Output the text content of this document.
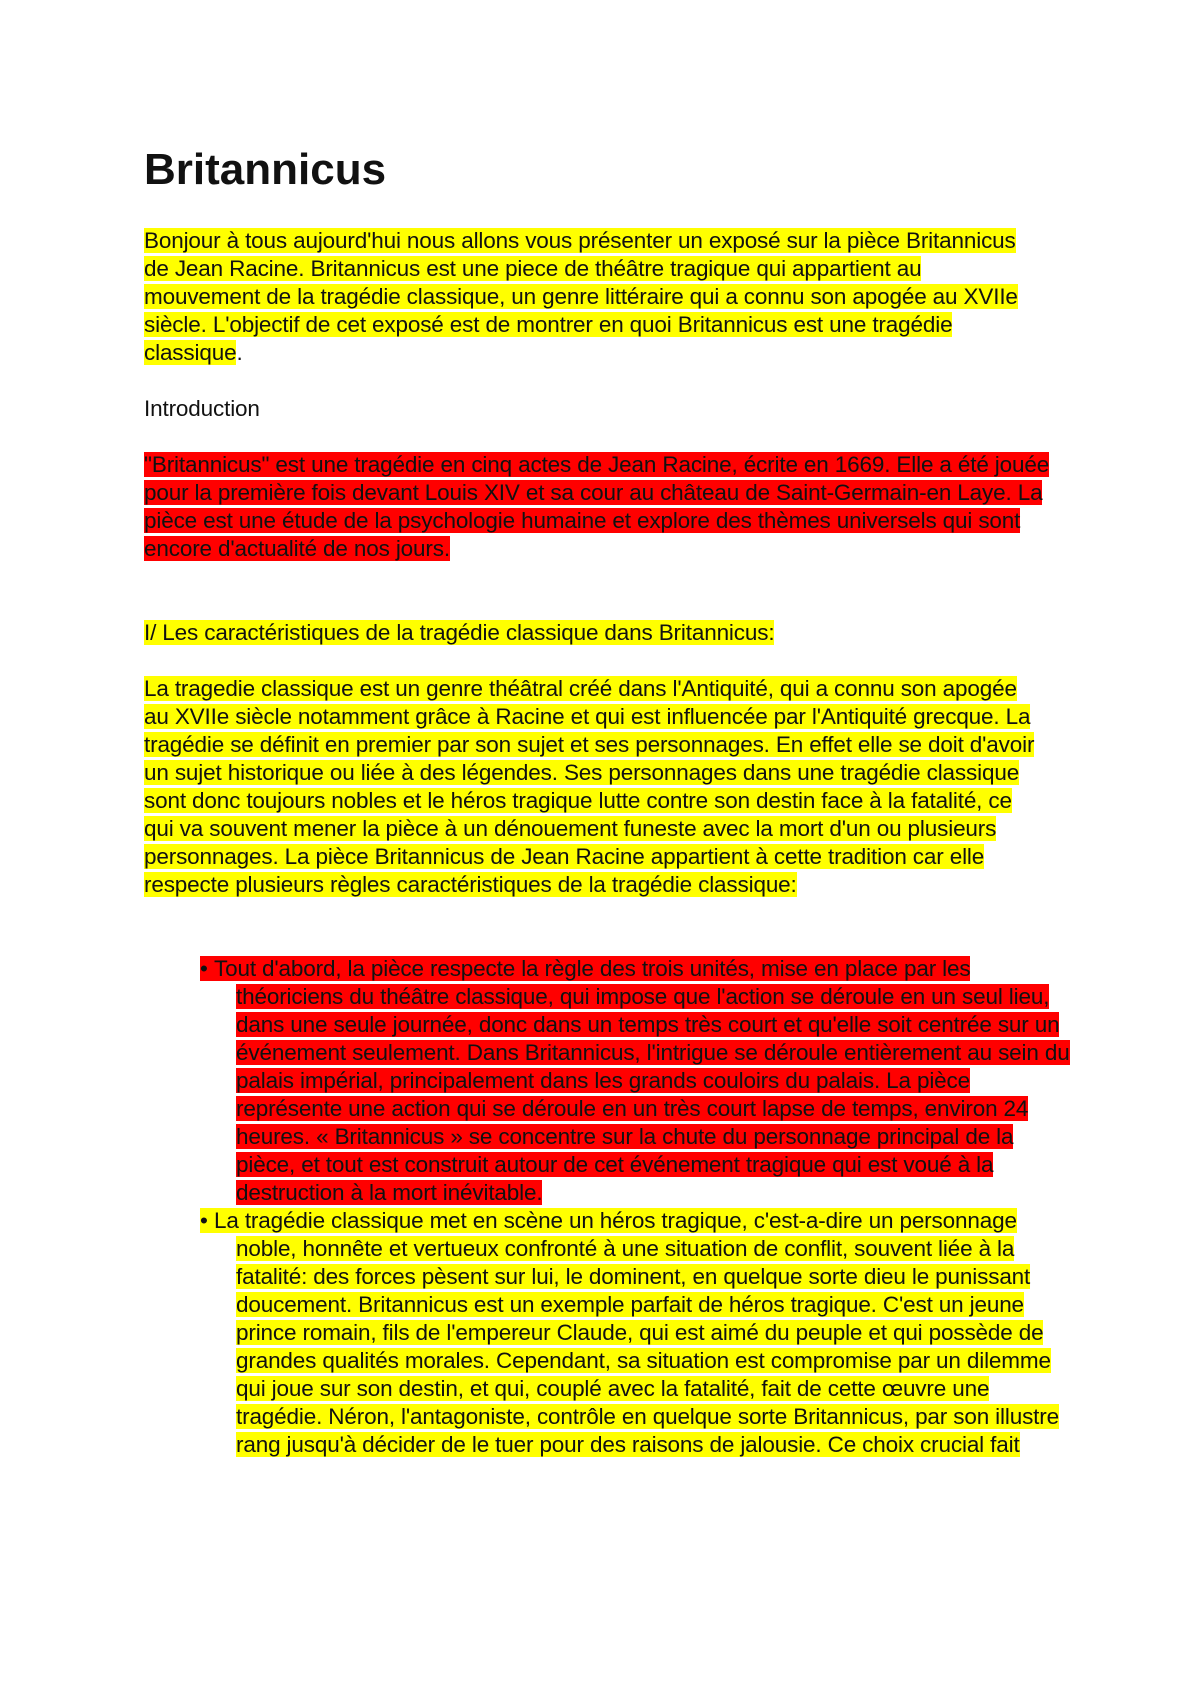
Britannicus

Bonjour à tous aujourd'hui nous allons vous présenter un exposé sur la pièce Britannicus de Jean Racine. Britannicus est une piece de théâtre tragique qui appartient au mouvement de la tragédie classique, un genre littéraire qui a connu son apogée au XVIIe siècle. L'objectif de cet exposé est de montrer en quoi Britannicus est une tragédie classique.

Introduction

"Britannicus" est une tragédie en cinq actes de Jean Racine, écrite en 1669. Elle a été jouée pour la première fois devant Louis XIV et sa cour au château de Saint-Germain-en Laye. La pièce est une étude de la psychologie humaine et explore des thèmes universels qui sont encore d'actualité de nos jours.

I/ Les caractéristiques de la tragédie classique dans Britannicus:

La tragedie classique est un genre théâtral créé dans l'Antiquité, qui a connu son apogée au XVIIe siècle notamment grâce à Racine et qui est influencée par l'Antiquité grecque. La tragédie se définit en premier par son sujet et ses personnages. En effet elle se doit d'avoir un sujet historique ou liée à des légendes. Ses personnages dans une tragédie classique sont donc toujours nobles et le héros tragique lutte contre son destin face à la fatalité, ce qui va souvent mener la pièce à un dénouement funeste avec la mort d'un ou plusieurs personnages. La pièce Britannicus de Jean Racine appartient à cette tradition car elle respecte plusieurs règles caractéristiques de la tragédie classique:

• Tout d'abord, la pièce respecte la règle des trois unités, mise en place par les théoriciens du théâtre classique, qui impose que l'action se déroule en un seul lieu, dans une seule journée, donc dans un temps très court et qu'elle soit centrée sur un événement seulement. Dans Britannicus, l'intrigue se déroule entièrement au sein du palais impérial, principalement dans les grands couloirs du palais. La pièce représente une action qui se déroule en un très court lapse de temps, environ 24 heures. « Britannicus » se concentre sur la chute du personnage principal de la pièce, et tout est construit autour de cet événement tragique qui est voué à la destruction à la mort inévitable.
• La tragédie classique met en scène un héros tragique, c'est-a-dire un personnage noble, honnête et vertueux confronté à une situation de conflit, souvent liée à la fatalité: des forces pèsent sur lui, le dominent, en quelque sorte dieu le punissant doucement. Britannicus est un exemple parfait de héros tragique. C'est un jeune prince romain, fils de l'empereur Claude, qui est aimé du peuple et qui possède de grandes qualités morales. Cependant, sa situation est compromise par un dilemme qui joue sur son destin, et qui, couplé avec la fatalité, fait de cette œuvre une tragédie. Néron, l'antagoniste, contrôle en quelque sorte Britannicus, par son illustre rang jusqu'à décider de le tuer pour des raisons de jalousie. Ce choix crucial fait
